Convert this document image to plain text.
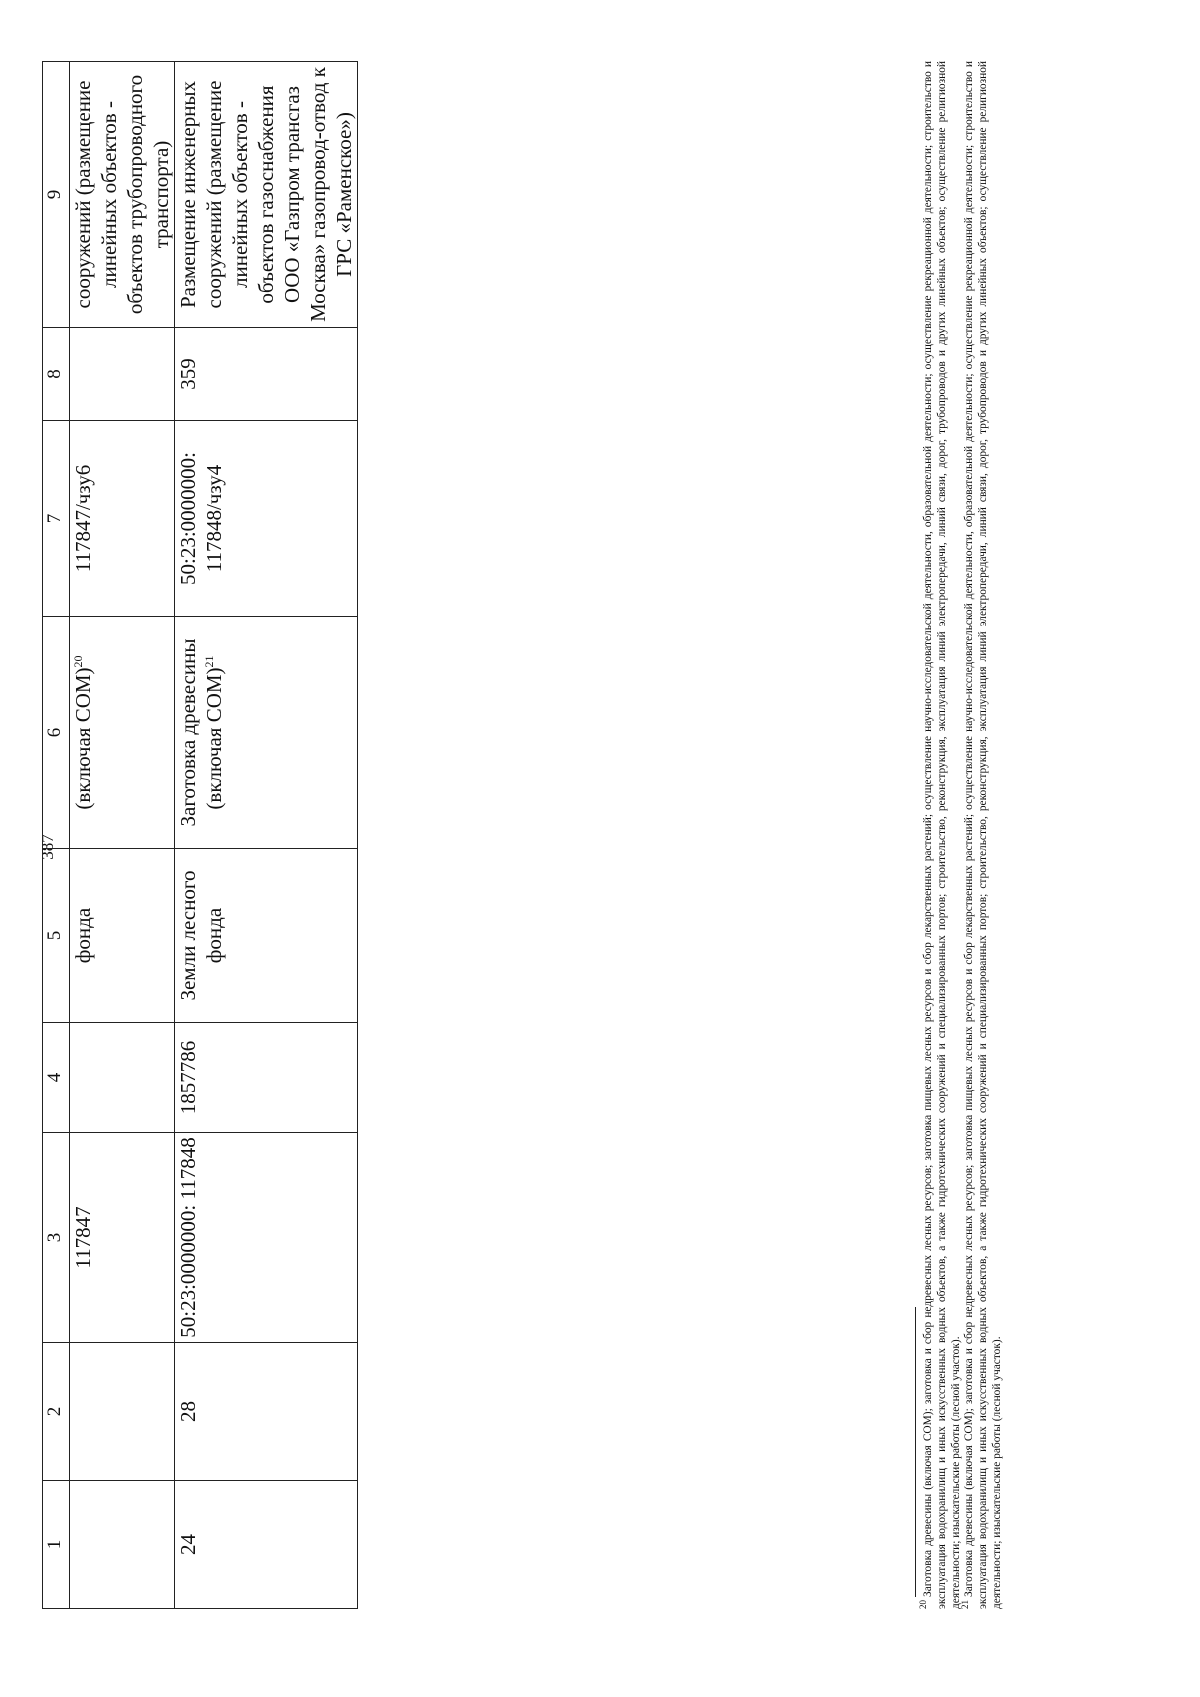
387
1	2	3	4	5	6	7	8	9
		117847		фонда	(включая СОМ)$^{20}$	117847/чзу6		сооружений (размещение линейных объектов - объектов трубопроводного транспорта)
24	28	50:23:0000000: 117848	1857786	Земли лесного фонда	Заготовка древесины (включая СОМ)$^{21}$	50:23:0000000: 117848/чзу4	359	Размещение инженерных сооружений (размещение линейных объектов - объектов газоснабжения ООО «Газпром трансгаз Москва» газопровод-отвод к ГРС «Раменское»)

$^{20}$Заготовка древесины (включая СОМ); заготовка и сбор недревесных лесных ресурсов; заготовка пищевых лесных ресурсов и сбор лекарственных растений; осуществление научно-исследовательской деятельности, образовательной деятельности; осуществление рекреационной деятельности; строительство и эксплуатация водохранилищ и иных искусственных водных объектов, а также гидротехнических сооружений и специализированных портов; строительство, реконструкция, эксплуатация линий электропередачи, линий связи, дорог, трубопроводов и других линейных объектов; осуществление религиозной деятельности; изыскательские работы (лесной участок).

$^{21}$Заготовка древесины (включая СОМ); заготовка и сбор недревесных лесных ресурсов; заготовка пищевых лесных ресурсов и сбор лекарственных растений; осуществление научно-исследовательской деятельности, образовательной деятельности; осуществление рекреационной деятельности; строительство и эксплуатация водохранилищ и иных искусственных водных объектов, а также гидротехнических сооружений и специализированных портов; строительство, реконструкция, эксплуатация линий электропередачи, линий связи, дорог, трубопроводов и других линейных объектов; осуществление религиозной деятельности; изыскательские работы (лесной участок).
